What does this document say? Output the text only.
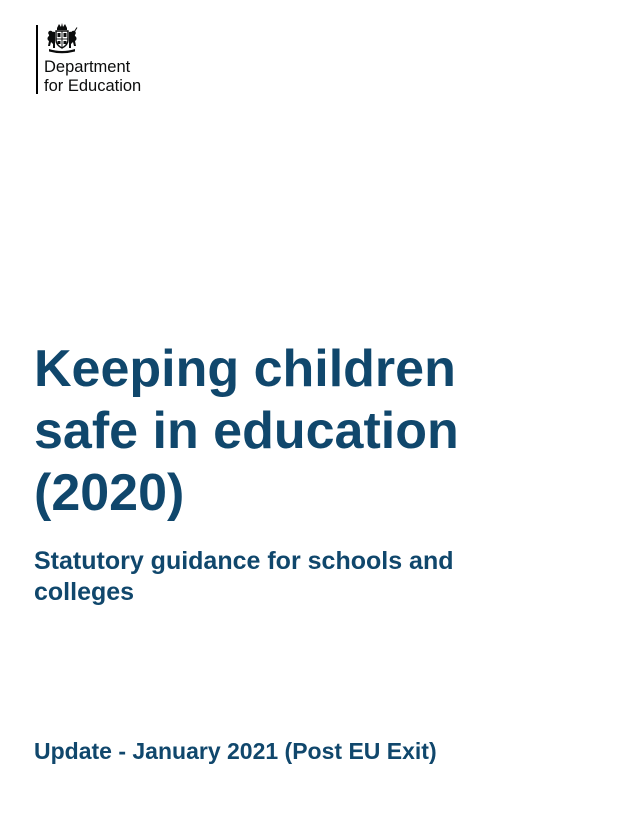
Department
for Education
Keeping children
safe in education
(2020)
Statutory guidance for schools and
colleges

Update - January 2021 (Post EU Exit)
